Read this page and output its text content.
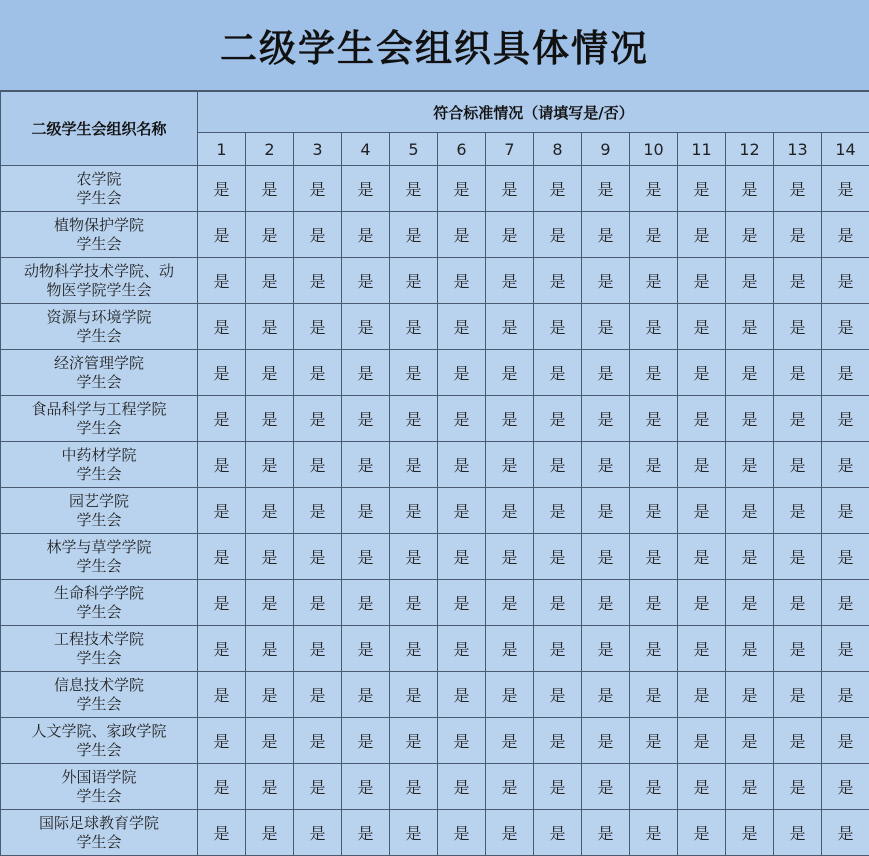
二级学生会组织具体情况
二级学生会组织名称	符合标准情况（请填写是/否）													
	1	2	3	4	5	6	7	8	9	10	11	12	13	14
农学院
学生会	是	是	是	是	是	是	是	是	是	是	是	是	是	是
植物保护学院
学生会	是	是	是	是	是	是	是	是	是	是	是	是	是	是
动物科学技术学院、动
物医学院学生会	是	是	是	是	是	是	是	是	是	是	是	是	是	是
资源与环境学院
学生会	是	是	是	是	是	是	是	是	是	是	是	是	是	是
经济管理学院
学生会	是	是	是	是	是	是	是	是	是	是	是	是	是	是
食品科学与工程学院
学生会	是	是	是	是	是	是	是	是	是	是	是	是	是	是
中药材学院
学生会	是	是	是	是	是	是	是	是	是	是	是	是	是	是
园艺学院
学生会	是	是	是	是	是	是	是	是	是	是	是	是	是	是
林学与草学学院
学生会	是	是	是	是	是	是	是	是	是	是	是	是	是	是
生命科学学院
学生会	是	是	是	是	是	是	是	是	是	是	是	是	是	是
工程技术学院
学生会	是	是	是	是	是	是	是	是	是	是	是	是	是	是
信息技术学院
学生会	是	是	是	是	是	是	是	是	是	是	是	是	是	是
人文学院、家政学院
学生会	是	是	是	是	是	是	是	是	是	是	是	是	是	是
外国语学院
学生会	是	是	是	是	是	是	是	是	是	是	是	是	是	是
国际足球教育学院
学生会	是	是	是	是	是	是	是	是	是	是	是	是	是	是
